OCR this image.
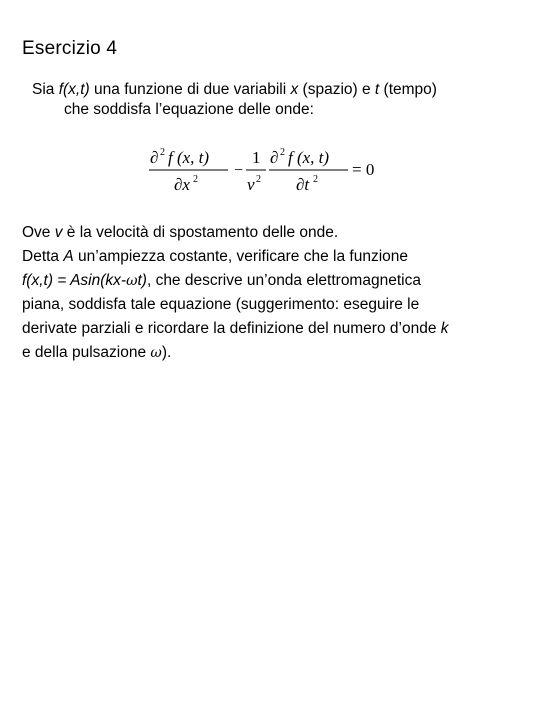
Esercizio 4
Sia f(x,t) una funzione di due variabili x (spazio) e t (tempo)
che soddisfa l’equazione delle onde:
∂ 2 f (x, t)
∂x 2
−
1
v 2
∂ 2 f (x, t)
∂t 2
= 0

Ove v è la velocità di spostamento delle onde.

Detta A un’ampiezza costante, verificare che la funzione

f(x,t) = Asin(kx-ωt), che descrive un’onda elettromagnetica

piana, soddisfa tale equazione (suggerimento: eseguire le

derivate parziali e ricordare la definizione del numero d’onde k

e della pulsazione ω).
